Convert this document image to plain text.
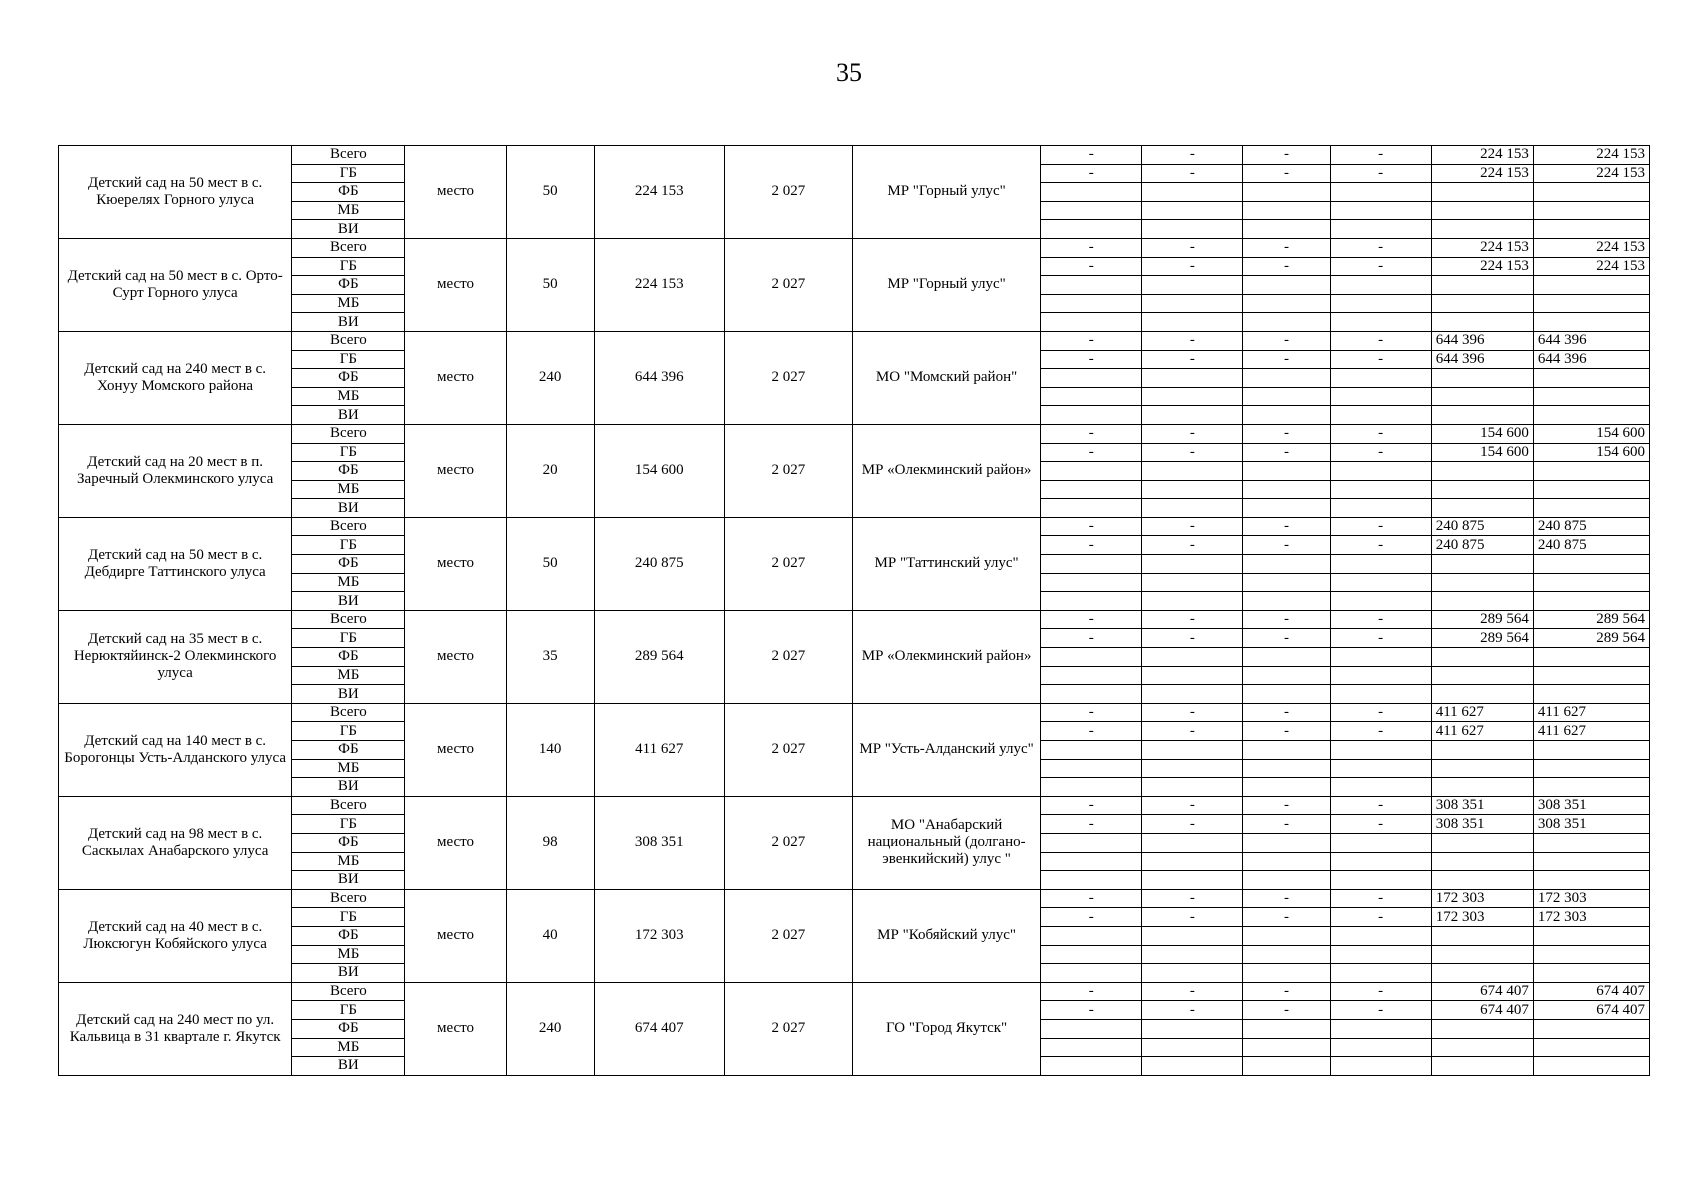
35
Детский сад на 50 мест в с. Кюерелях Горного улуса	Всего	место	50	224 153	2 027	МР "Горный улус"	-	-	-	-	224 153	224 153
	ГБ						-	-	-	-	224 153	224 153
	ФБ											
	МБ											
	ВИ											
Детский сад на 50 мест в с. Орто-Сурт Горного улуса	Всего	место	50	224 153	2 027	МР "Горный улус"	-	-	-	-	224 153	224 153
	ГБ						-	-	-	-	224 153	224 153
	ФБ											
	МБ											
	ВИ											
Детский сад на 240 мест в с. Хонуу Момского района	Всего	место	240	644 396	2 027	МО "Момский район"	-	-	-	-	644 396	644 396
	ГБ						-	-	-	-	644 396	644 396
	ФБ											
	МБ											
	ВИ											
Детский сад на 20 мест в п. Заречный Олекминского улуса	Всего	место	20	154 600	2 027	МР «Олекминский район»	-	-	-	-	154 600	154 600
	ГБ						-	-	-	-	154 600	154 600
	ФБ											
	МБ											
	ВИ											
Детский сад на 50 мест в с. Дебдирге Таттинского улуса	Всего	место	50	240 875	2 027	МР "Таттинский улус"	-	-	-	-	240 875	240 875
	ГБ						-	-	-	-	240 875	240 875
	ФБ											
	МБ											
	ВИ											
Детский сад на 35 мест в с. Нерюктяйинск-2 Олекминского улуса	Всего	место	35	289 564	2 027	МР «Олекминский район»	-	-	-	-	289 564	289 564
	ГБ						-	-	-	-	289 564	289 564
	ФБ											
	МБ											
	ВИ											
Детский сад на 140 мест в с. Борогонцы Усть-Алданского улуса	Всего	место	140	411 627	2 027	МР "Усть-Алданский улус"	-	-	-	-	411 627	411 627
	ГБ						-	-	-	-	411 627	411 627
	ФБ											
	МБ											
	ВИ											
Детский сад на 98 мест в с. Саскылах Анабарского улуса	Всего	место	98	308 351	2 027	МО "Анабарский национальный (долгано-эвенкийский) улус "	-	-	-	-	308 351	308 351
	ГБ						-	-	-	-	308 351	308 351
	ФБ											
	МБ											
	ВИ											
Детский сад на 40 мест в с. Люксюгун Кобяйского улуса	Всего	место	40	172 303	2 027	МР "Кобяйский улус"	-	-	-	-	172 303	172 303
	ГБ						-	-	-	-	172 303	172 303
	ФБ											
	МБ											
	ВИ											
Детский сад на 240 мест по ул. Кальвица в 31 квартале г. Якутск	Всего	место	240	674 407	2 027	ГО "Город Якутск"	-	-	-	-	674 407	674 407
	ГБ						-	-	-	-	674 407	674 407
	ФБ											
	МБ											
	ВИ											
